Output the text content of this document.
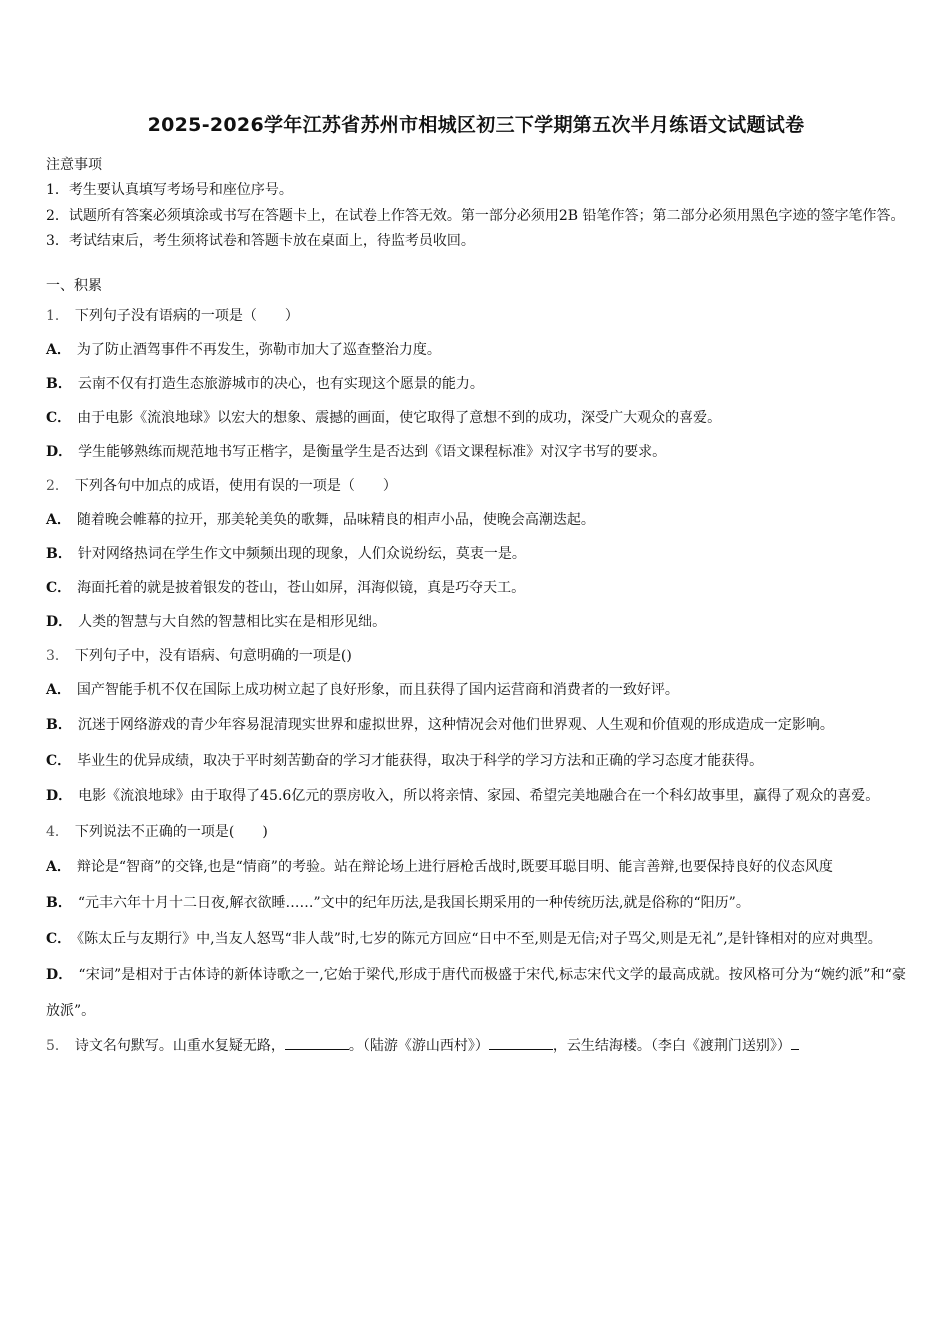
2025-2026学年江苏省苏州市相城区初三下学期第五次半月练语文试题试卷
注意事项
1．考生要认真填写考场号和座位序号。
2．试题所有答案必须填涂或书写在答题卡上，在试卷上作答无效。第一部分必须用2B 铅笔作答；第二部分必须用黑色字迹的签字笔作答。
3．考试结束后，考生须将试卷和答题卡放在桌面上，待监考员收回。
一、积累
1． 下列句子没有语病的一项是（　　）
A． 为了防止酒驾事件不再发生，弥勒市加大了巡查整治力度。
B． 云南不仅有打造生态旅游城市的决心，也有实现这个愿景的能力。
C． 由于电影《流浪地球》以宏大的想象、震撼的画面，使它取得了意想不到的成功，深受广大观众的喜爱。
D． 学生能够熟练而规范地书写正楷字，是衡量学生是否达到《语文课程标准》对汉字书写的要求。
2． 下列各句中加点的成语，使用有误的一项是（　　）
A． 随着晚会帷幕的拉开，那美轮美奂的歌舞，品味精良的相声小品，使晚会高潮迭起。
B． 针对网络热词在学生作文中频频出现的现象，人们众说纷纭，莫衷一是。
C． 海面托着的就是披着银发的苍山，苍山如屏，洱海似镜，真是巧夺天工。
D． 人类的智慧与大自然的智慧相比实在是相形见绌。
3． 下列句子中，没有语病、句意明确的一项是()
A． 国产智能手机不仅在国际上成功树立起了良好形象，而且获得了国内运营商和消费者的一致好评。
B． 沉迷于网络游戏的青少年容易混清现实世界和虚拟世界，这种情况会对他们世界观、人生观和价值观的形成造成一定影响。
C． 毕业生的优异成绩，取决于平时刻苦勤奋的学习才能获得，取决于科学的学习方法和正确的学习态度才能获得。
D． 电影《流浪地球》由于取得了45.6亿元的票房收入，所以将亲情、家园、希望完美地融合在一个科幻故事里，赢得了观众的喜爱。
4． 下列说法不正确的一项是(　　)
A． 辩论是“智商”的交锋,也是“情商”的考验。站在辩论场上进行唇枪舌战时,既要耳聪目明、能言善辩,也要保持良好的仪态风度
B． “元丰六年十月十二日夜,解衣欲睡……”文中的纪年历法,是我国长期采用的一种传统历法,就是俗称的“阳历”。
C． 《陈太丘与友期行》中,当友人怒骂“非人哉”时,七岁的陈元方回应“日中不至,则是无信;对子骂父,则是无礼”,是针锋相对的应对典型。
D． “宋词”是相对于古体诗的新体诗歌之一,它始于梁代,形成于唐代而极盛于宋代,标志宋代文学的最高成就。按风格可分为“婉约派”和“豪放派”。
5． 诗文名句默写。山重水复疑无路，	。（陆游《游山西村》）	，云生结海楼。（李白《渡荆门送别》）
